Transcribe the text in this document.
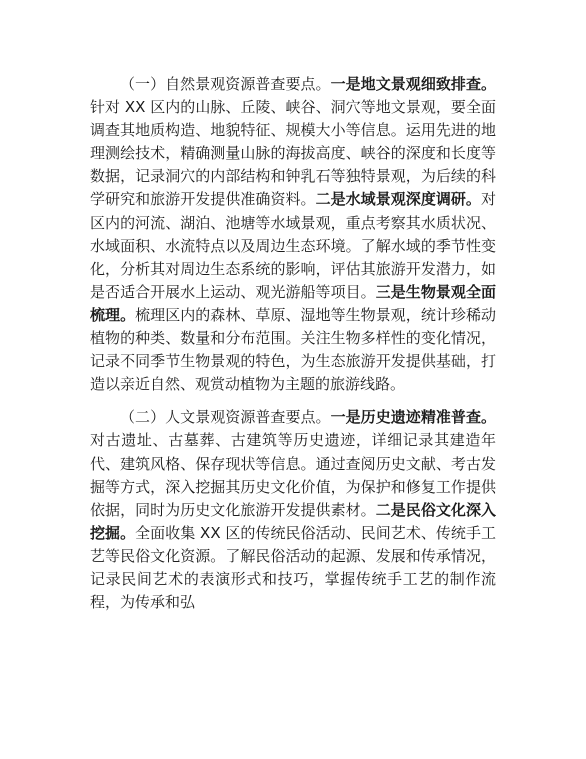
（一）自然景观资源普查要点。一是地文景观细致排查。针对 XX 区内的山脉、丘陵、峡谷、洞穴等地文景观，要全面调查其地质构造、地貌特征、规模大小等信息。运用先进的地理测绘技术，精确测量山脉的海拔高度、峡谷的深度和长度等数据，记录洞穴的内部结构和钟乳石等独特景观，为后续的科学研究和旅游开发提供准确资料。二是水域景观深度调研。对区内的河流、湖泊、池塘等水域景观，重点考察其水质状况、水域面积、水流特点以及周边生态环境。了解水域的季节性变化，分析其对周边生态系统的影响，评估其旅游开发潜力，如是否适合开展水上运动、观光游船等项目。三是生物景观全面梳理。梳理区内的森林、草原、湿地等生物景观，统计珍稀动植物的种类、数量和分布范围。关注生物多样性的变化情况，记录不同季节生物景观的特色，为生态旅游开发提供基础，打造以亲近自然、观赏动植物为主题的旅游线路。

（二）人文景观资源普查要点。一是历史遗迹精准普查。对古遗址、古墓葬、古建筑等历史遗迹，详细记录其建造年代、建筑风格、保存现状等信息。通过查阅历史文献、考古发掘等方式，深入挖掘其历史文化价值，为保护和修复工作提供依据，同时为历史文化旅游开发提供素材。二是民俗文化深入挖掘。全面收集 XX 区的传统民俗活动、民间艺术、传统手工艺等民俗文化资源。了解民俗活动的起源、发展和传承情况，记录民间艺术的表演形式和技巧，掌握传统手工艺的制作流程，为传承和弘
